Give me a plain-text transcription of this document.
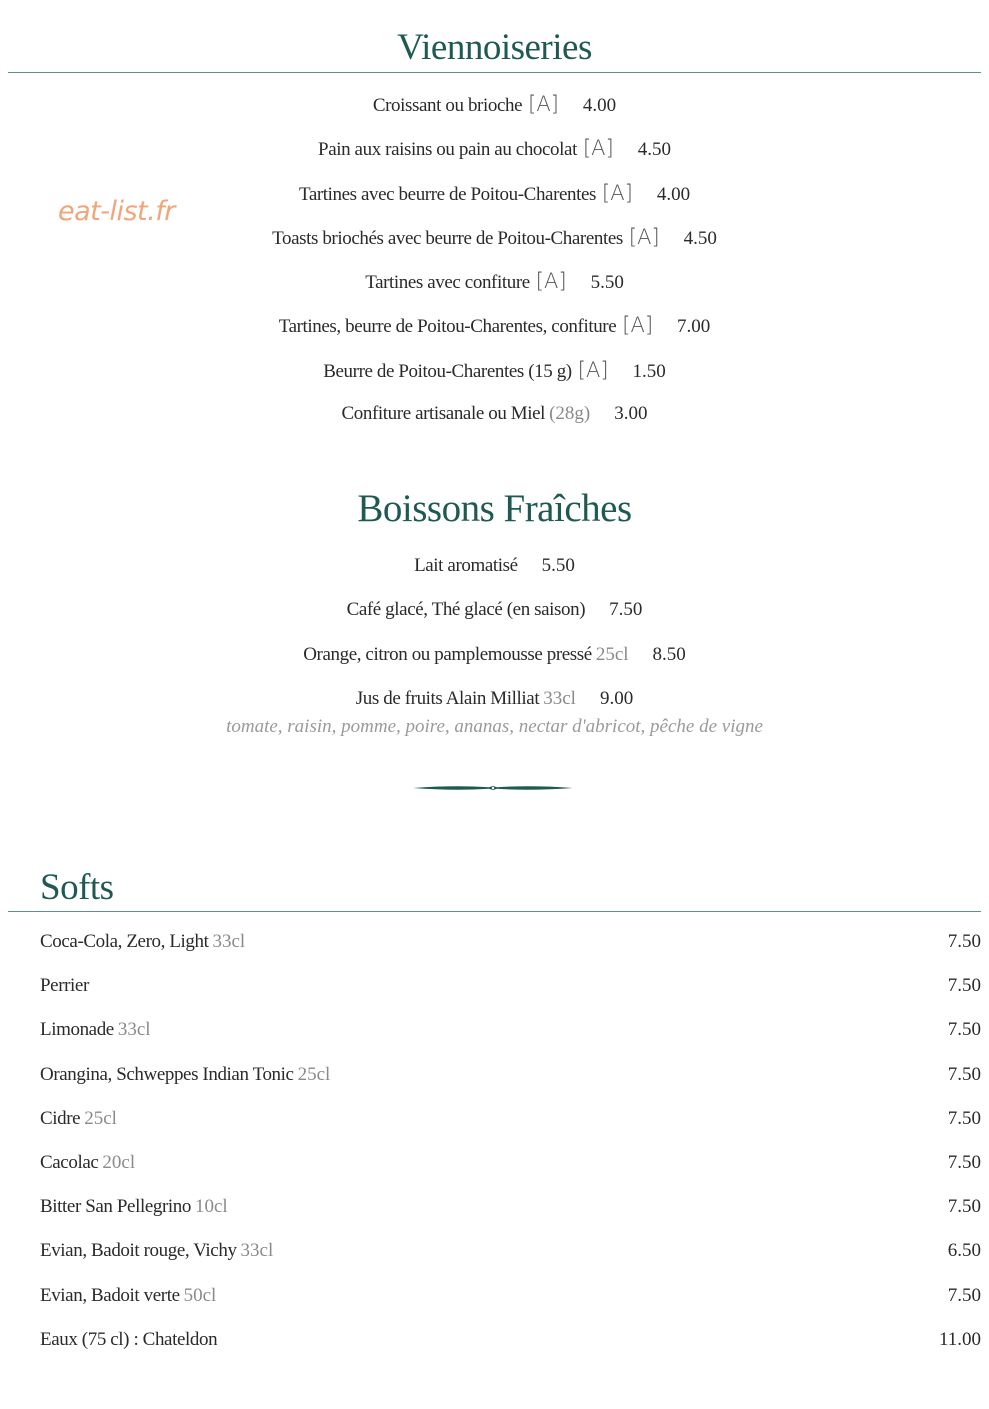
eat-list.fr
Viennoiseries
Croissant ou brioche [A] 4.00
Pain aux raisins ou pain au chocolat [A] 4.50
Tartines avec beurre de Poitou-Charentes [A] 4.00
Toasts briochés avec beurre de Poitou-Charentes [A] 4.50
Tartines avec confiture [A] 5.50
Tartines, beurre de Poitou-Charentes, confiture [A] 7.00
Beurre de Poitou-Charentes (15 g) [A] 1.50
Confiture artisanale ou Miel (28g) 3.00
Boissons Fraîches
Lait aromatisé 5.50
Café glacé, Thé glacé (en saison) 7.50
Orange, citron ou pamplemousse pressé 25cl 8.50
Jus de fruits Alain Milliat 33cl 9.00
tomate, raisin, pomme, poire, ananas, nectar d'abricot, pêche de vigne
Softs
Coca-Cola, Zero, Light 33cl	7.50
Perrier	7.50
Limonade 33cl	7.50
Orangina, Schweppes Indian Tonic 25cl	7.50
Cidre 25cl	7.50
Cacolac 20cl	7.50
Bitter San Pellegrino 10cl	7.50
Evian, Badoit rouge, Vichy 33cl	6.50
Evian, Badoit verte 50cl	7.50
Eaux (75 cl) : Chateldon	11.00
